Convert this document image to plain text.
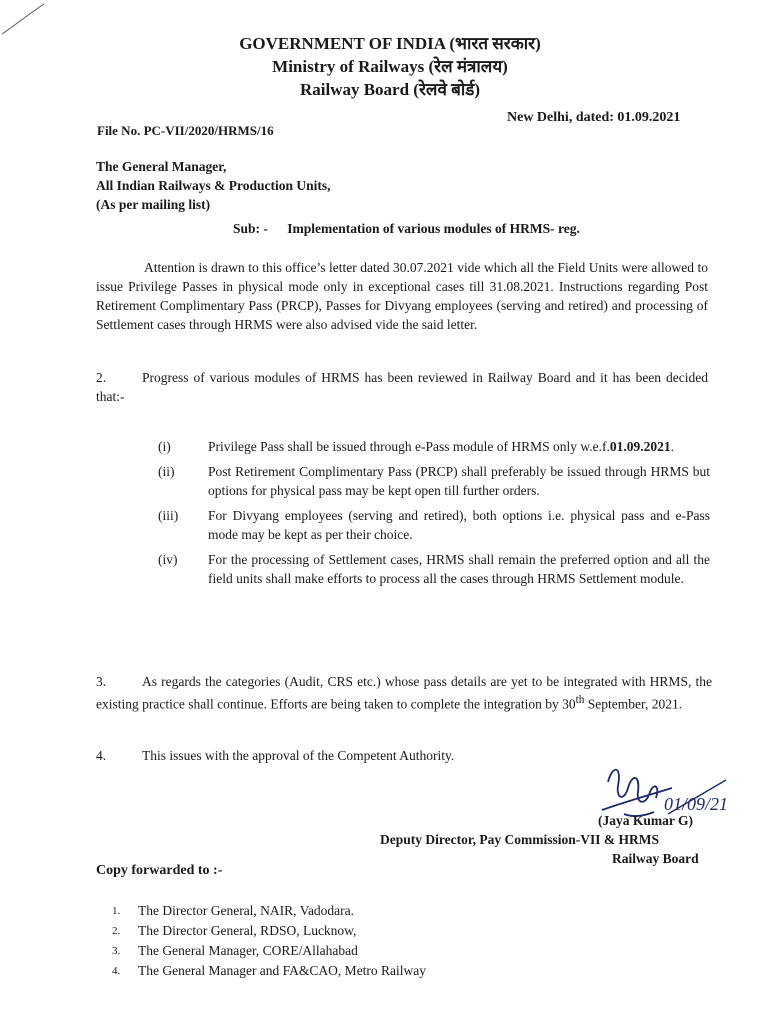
GOVERNMENT OF INDIA (भारत सरकार)
Ministry of Railways (रेल मंत्रालय)
Railway Board (रेलवे बोर्ड)
File No. PC-VII/2020/HRMS/16
New Delhi, dated: 01.09.2021
The General Manager,
All Indian Railways & Production Units,
(As per mailing list)
Sub: - Implementation of various modules of HRMS- reg.
Attention is drawn to this office’s letter dated 30.07.2021 vide which all the Field Units were allowed to issue Privilege Passes in physical mode only in exceptional cases till 31.08.2021. Instructions regarding Post Retirement Complimentary Pass (PRCP), Passes for Divyang employees (serving and retired) and processing of Settlement cases through HRMS were also advised vide the said letter.
2.	Progress of various modules of HRMS has been reviewed in Railway Board and it has been decided that:-
(i)	Privilege Pass shall be issued through e-Pass module of HRMS only w.e.f.01.09.2021.
(ii)	Post Retirement Complimentary Pass (PRCP) shall preferably be issued through HRMS but options for physical pass may be kept open till further orders.
(iii)	For Divyang employees (serving and retired), both options i.e. physical pass and e-Pass mode may be kept as per their choice.
(iv)	For the processing of Settlement cases, HRMS shall remain the preferred option and all the field units shall make efforts to process all the cases through HRMS Settlement module.
3.	As regards the categories (Audit, CRS etc.) whose pass details are yet to be integrated with HRMS, the existing practice shall continue. Efforts are being taken to complete the integration by 30th September, 2021.
4.	This issues with the approval of the Competent Authority.
01/09/21
(Jaya Kumar G)
Deputy Director, Pay Commission-VII & HRMS
Railway Board
Copy forwarded to :-
1.	The Director General, NAIR, Vadodara.
2.	The Director General, RDSO, Lucknow,
3.	The General Manager, CORE/Allahabad
4.	The General Manager and FA&CAO, Metro Railway
